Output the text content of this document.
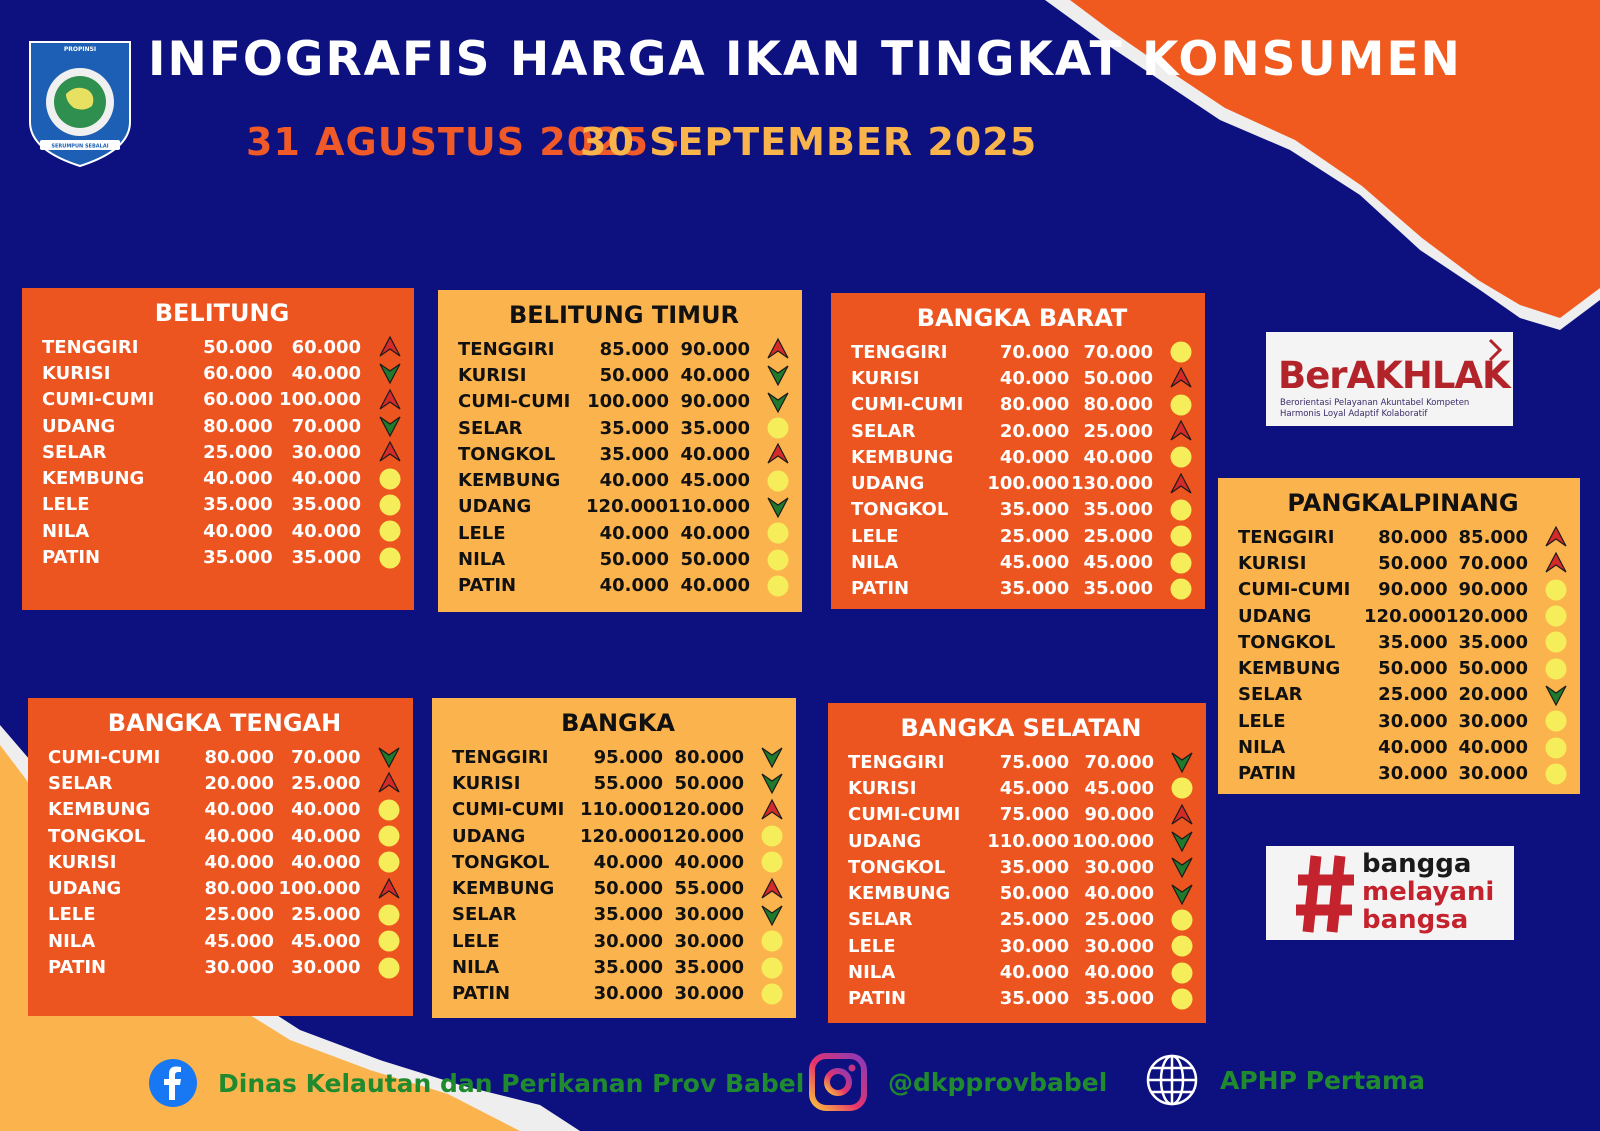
PROPINSI
KEPULAUAN BANGKA BELITUNG
SERUMPUN SEBALAI
INFOGRAFIS HARGA IKAN TINGKAT KONSUMEN
31 AGUSTUS 2025 -
30 SEPTEMBER 2025
BELITUNG
TENGGIRI	50.000	60.000
KURISI	60.000	40.000
CUMI-CUMI	60.000 100.000
UDANG	80.000	70.000
SELAR	25.000	30.000
KEMBUNG	40.000	40.000
LELE	35.000	35.000
NILA	40.000	40.000
PATIN	35.000	35.000
BELITUNG TIMUR
TENGGIRI	85.000 90.000
KURISI	50.000 40.000
CUMI-CUMI 100.000 90.000
SELAR	35.000 35.000
TONGKOL	35.000 40.000
KEMBUNG	40.000 45.000
UDANG	120.000 110.000
LELE	40.000 40.000
NILA	50.000 50.000
PATIN	40.000 40.000
BANGKA BARAT
TENGGIRI	70.000 70.000
KURISI	40.000 50.000
CUMI-CUMI	80.000 80.000
SELAR	20.000 25.000
KEMBUNG	40.000 40.000
UDANG	100.000 130.000
TONGKOL	35.000 35.000
LELE	25.000 25.000
NILA	45.000 45.000
PATIN	35.000 35.000
PANGKALPINANG
TENGGIRI	80.000 85.000
KURISI	50.000 70.000
CUMI-CUMI	90.000 90.000
UDANG	120.000 120.000
TONGKOL	35.000 35.000
KEMBUNG	50.000 50.000
SELAR	25.000 20.000
LELE	30.000 30.000
NILA	40.000 40.000
PATIN	30.000 30.000
BANGKA TENGAH
CUMI-CUMI	80.000 70.000
SELAR	20.000 25.000
KEMBUNG	40.000 40.000
TONGKOL	40.000 40.000
KURISI	40.000 40.000
UDANG	80.000 100.000
LELE	25.000 25.000
NILA	45.000 45.000
PATIN	30.000 30.000
BANGKA
TENGGIRI	95.000 80.000
KURISI	55.000 50.000
CUMI-CUMI 110.000 120.000
UDANG	120.000 120.000
TONGKOL	40.000 40.000
KEMBUNG	50.000 55.000
SELAR	35.000 30.000
LELE	30.000 30.000
NILA	35.000 35.000
PATIN	30.000 30.000
BANGKA SELATAN
TENGGIRI	75.000 70.000
KURISI	45.000 45.000
CUMI-CUMI	75.000 90.000
UDANG	110.000 100.000
TONGKOL	35.000 30.000
KEMBUNG	50.000 40.000
SELAR	25.000 25.000
LELE	30.000 30.000
NILA	40.000 40.000
PATIN	35.000 35.000
BerAKHLAK
Berorientasi Pelayanan Akuntabel Kompeten
Harmonis Loyal Adaptif Kolaboratif
bangga
melayani
bangsa
Dinas Kelautan dan Perikanan Prov Babel	@dkpprovbabel	APHP Pertama
